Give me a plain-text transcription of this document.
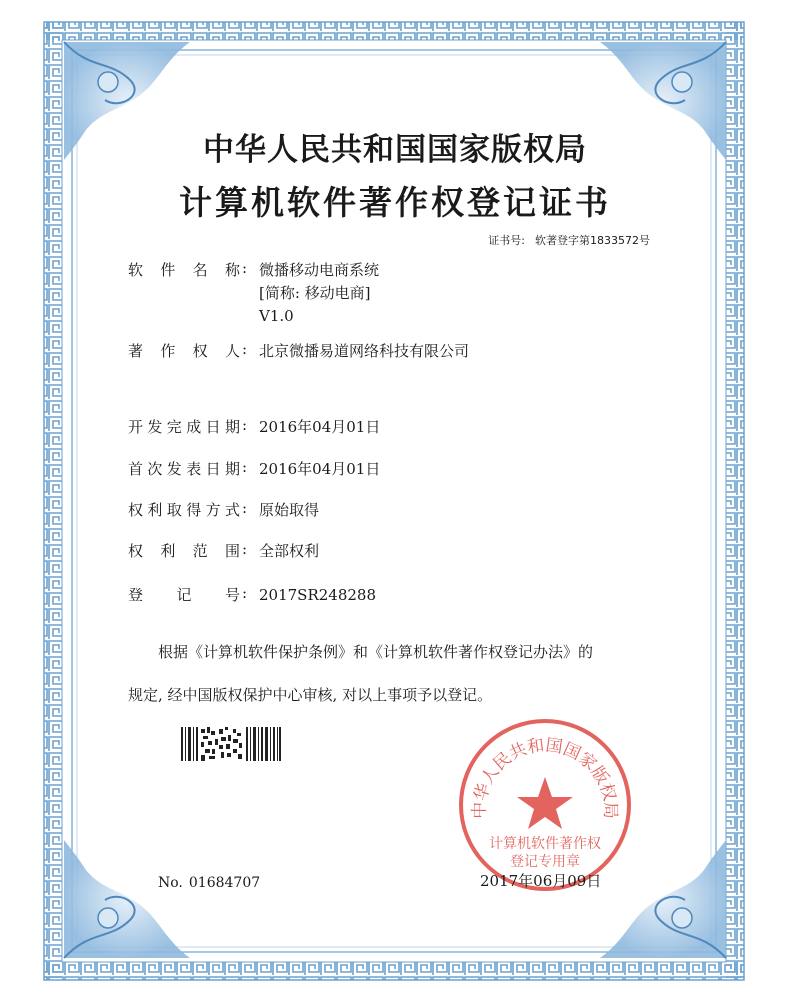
中华人民共和国国家版权局
计算机软件著作权登记证书
证书号: 软著登字第1833572号
软件名称 : 微播移动电商系统
[简称: 移动电商]
V1.0
著作权人 : 北京微播易道网络科技有限公司
开发完成日期 : 2016年04月01日
首次发表日期 : 2016年04月01日
权利取得方式 : 原始取得
权利范围 : 全部权利
登记号 : 2017SR248288
根据《计算机软件保护条例》和《计算机软件著作权登记办法》的
规定, 经中国版权保护中心审核, 对以上事项予以登记。
中华人民共和国国家版权局
计算机软件著作权
登记专用章
No. 01684707	2017年06月09日
